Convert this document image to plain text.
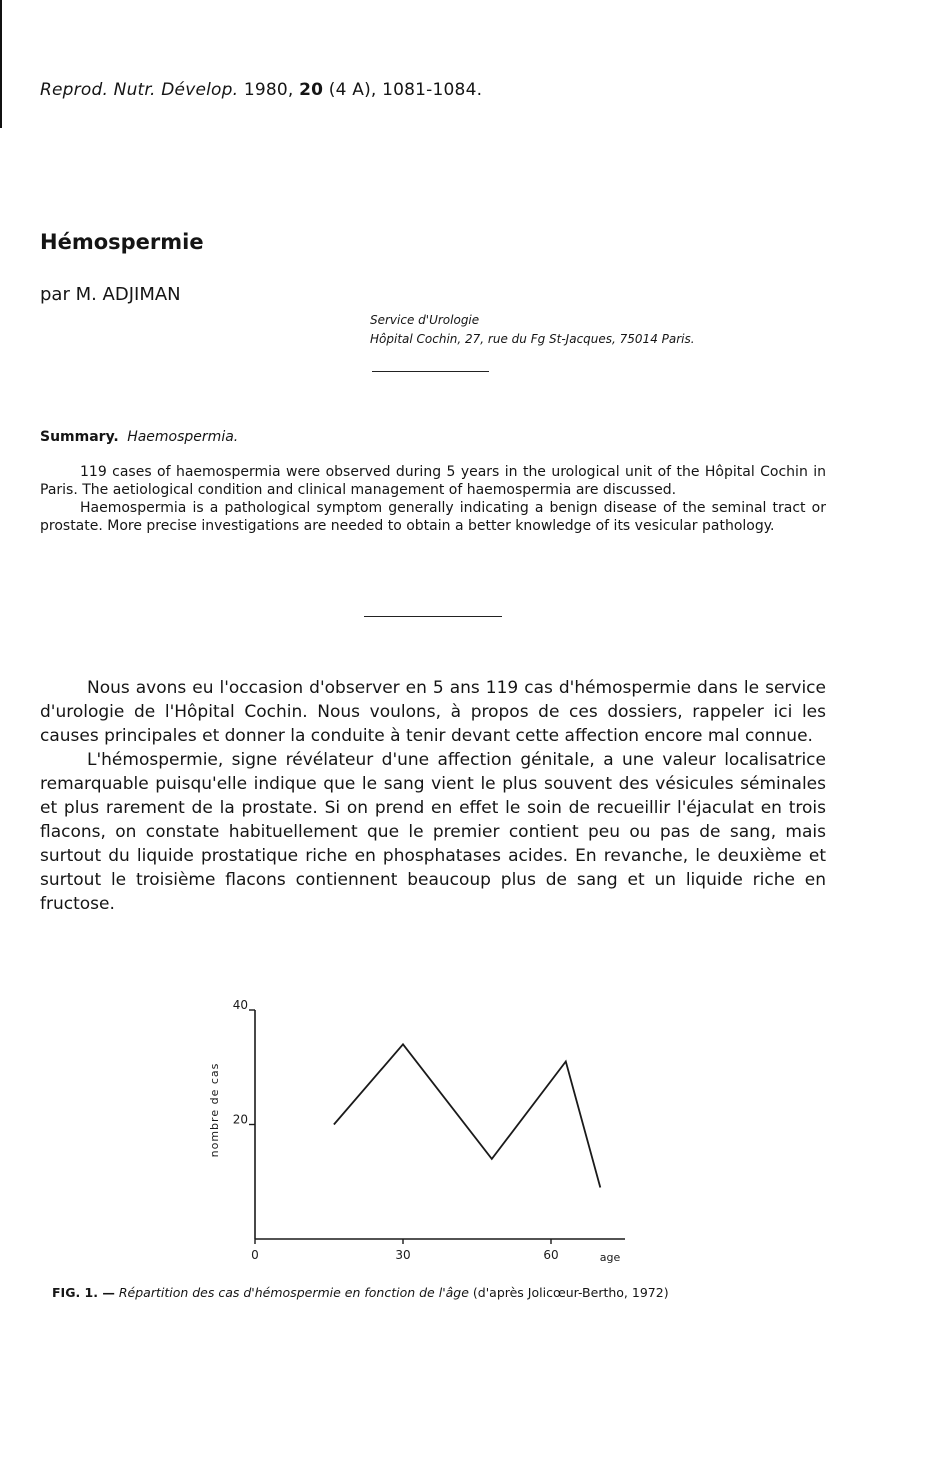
Reprod. Nutr. Dévelop. 1980, 20 (4 A), 1081-1084.
Hémospermie
par M. ADJIMAN
Service d'Urologie
Hôpital Cochin, 27, rue du Fg St-Jacques, 75014 Paris.
Summary. Haemospermia.

119 cases of haemospermia were observed during 5 years in the urological unit of the Hôpital Cochin in Paris. The aetiological condition and clinical management of haemospermia are discussed.

Haemospermia is a pathological symptom generally indicating a benign disease of the seminal tract or prostate. More precise investigations are needed to obtain a better knowledge of its vesicular pathology.

Nous avons eu l'occasion d'observer en 5 ans 119 cas d'hémospermie dans le service d'urologie de l'Hôpital Cochin. Nous voulons, à propos de ces dossiers, rappeler ici les causes principales et donner la conduite à tenir devant cette affection encore mal connue.

L'hémospermie, signe révélateur d'une affection génitale, a une valeur localisatrice remarquable puisqu'elle indique que le sang vient le plus souvent des vésicules séminales et plus rarement de la prostate. Si on prend en effet le soin de recueillir l'éjaculat en trois flacons, on constate habituellement que le premier contient peu ou pas de sang, mais surtout du liquide prostatique riche en phosphatases acides. En revanche, le deuxième et surtout le troisième flacons contiennent beaucoup plus de sang et un liquide riche en fructose.

20
40
0	30	60	age
nombre de cas
FIG. 1. — Répartition des cas d'hémospermie en fonction de l'âge (d'après Jolicœur-Bertho, 1972)
